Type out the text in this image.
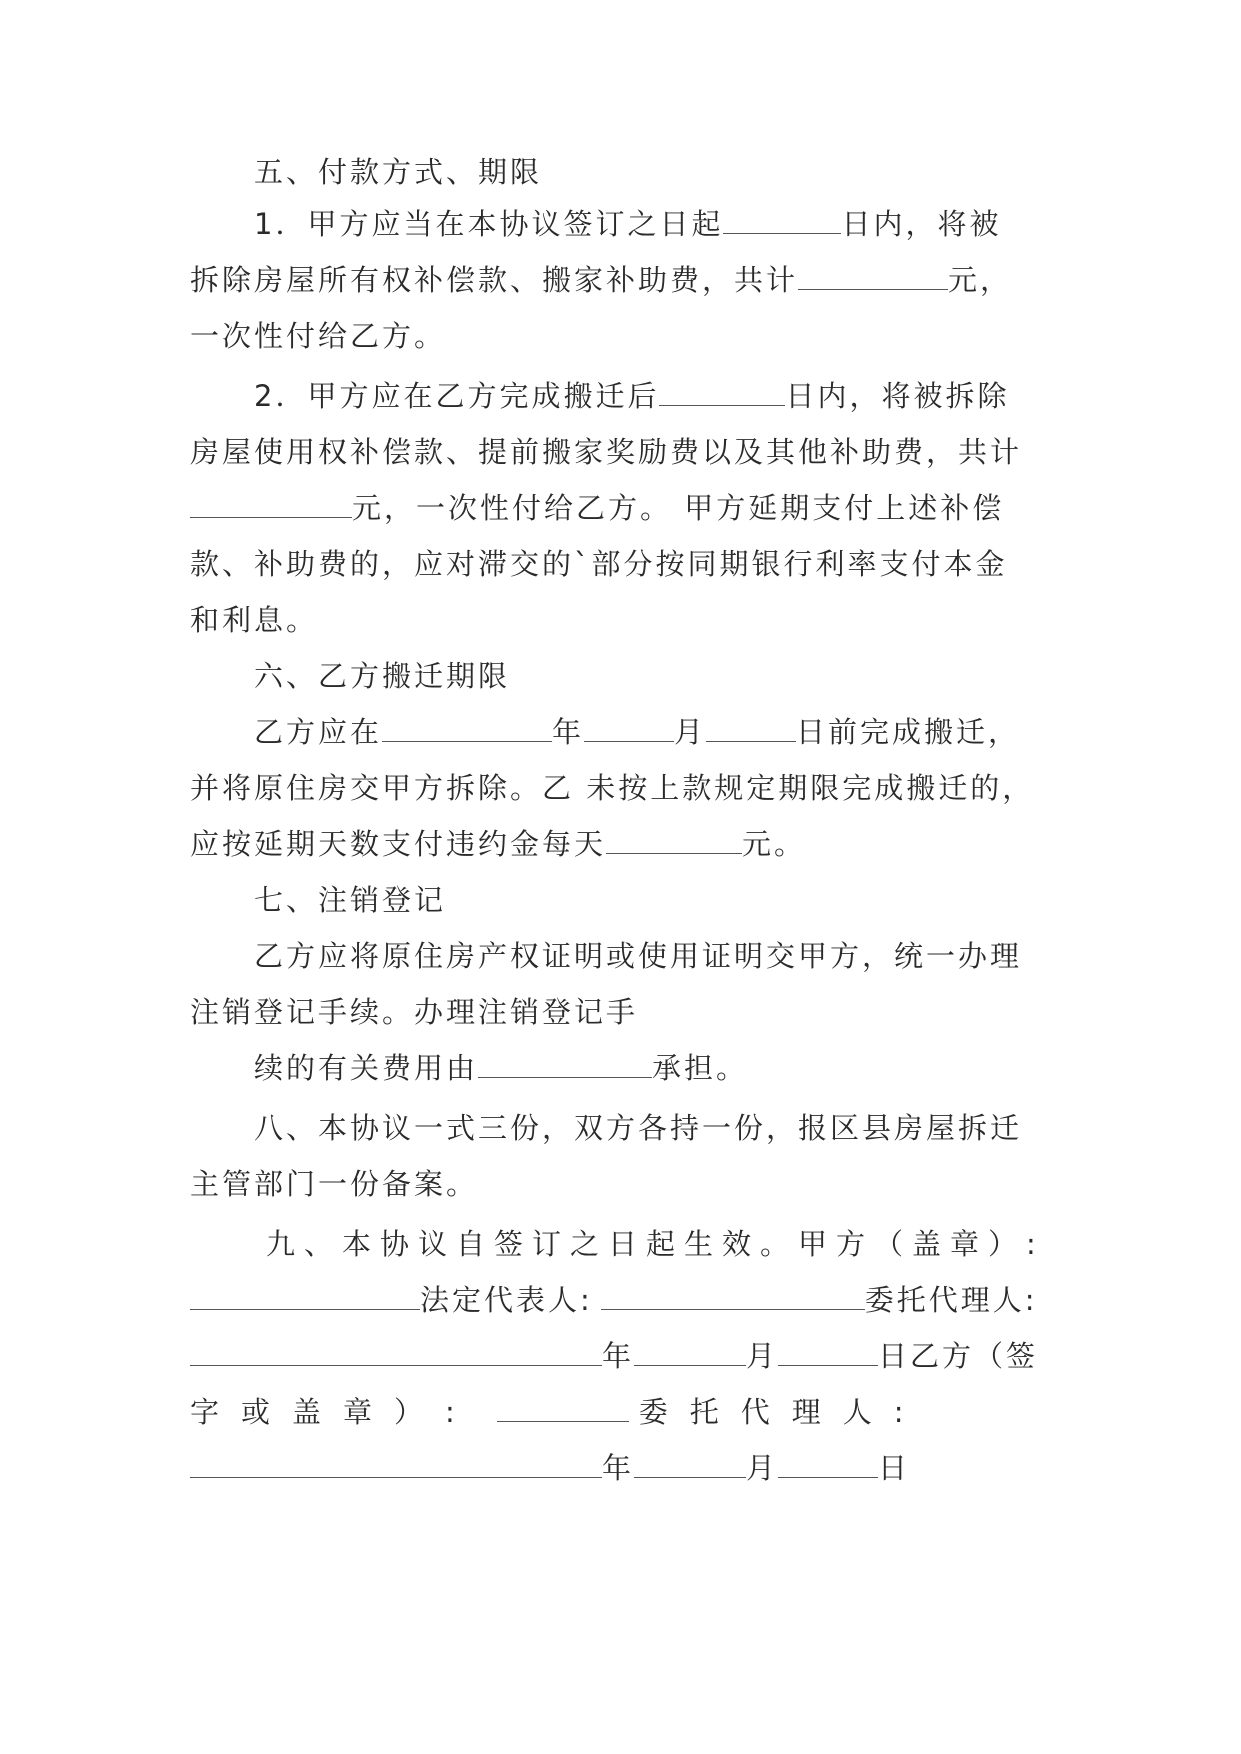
五、付款方式、期限
1．甲方应当在本协议签订之日起	日内，将被
拆除房屋所有权补偿款、搬家补助费，共计	元，
一次性付给乙方。
2．甲方应在乙方完成搬迁后	日内，将被拆除
房屋使用权补偿款、提前搬家奖励费以及其他补助费，共计
元，一次性付给乙方。 甲方延期支付上述补偿
款、补助费的，应对滞交的`部分按同期银行利率支付本金
和利息。
六、乙方搬迁期限
乙方应在	年	月	日前完成搬迁，
并将原住房交甲方拆除。乙 未按上款规定期限完成搬迁的，
应按延期天数支付违约金每天	元。
七、注销登记
乙方应将原住房产权证明或使用证明交甲方，统一办理
注销登记手续。办理注销登记手
续的有关费用由	承担。
八、本协议一式三份，双方各持一份，报区县房屋拆迁
主管部门一份备案。
九、本协议自签订之日起生效。甲方（盖章）:
法定代表人:	委托代理人:
年	月	日乙方（签
字或盖章）:	委托代理人:
年	月	日
